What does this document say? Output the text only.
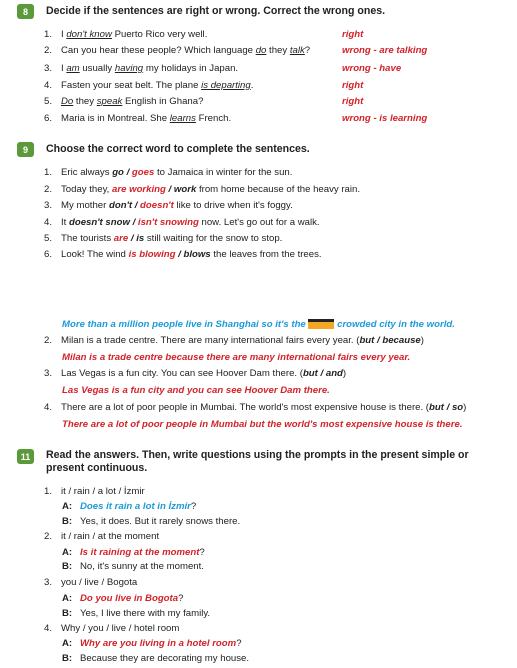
8	Decide if the sentences are right or wrong. Correct the wrong ones.
1. I don't know Puerto Rico very well.	right
2. Can you hear these people? Which language do they talk?	wrong - are talking
3. I am usually having my holidays in Japan.	wrong - have
4. Fasten your seat belt. The plane is departing.	right
5. Do they speak English in Ghana?	right
6. Maria is in Montreal. She learns French.	wrong - is learning
9	Choose the correct word to complete the sentences.
1. Eric always go / goes to Jamaica in winter for the sun.
2. Today they, are working / work from home because of the heavy rain.
3. My mother don't / doesn't like to drive when it's foggy.
4. It doesn't snow / isn't snowing now. Let's go out for a walk.
5. The tourists are / is still waiting for the snow to stop.
6. Look! The wind is blowing / blows the leaves from the trees.
More than a million people live in Shanghai so it's the	crowded city in the world.
2. Milan is a trade centre. There are many international fairs every year. (but / because)
Milan is a trade centre because there are many international fairs every year.
3. Las Vegas is a fun city. You can see Hoover Dam there. (but / and)
Las Vegas is a fun city and you can see Hoover Dam there.
4. There are a lot of poor people in Mumbai. The world's most expensive house is there. (but / so)
There are a lot of poor people in Mumbai but the world's most expensive house is there.
11	Read the answers. Then, write questions using the prompts in the present simple or
present continuous.
1. it / rain / a lot / İzmir
A: Does it rain a lot in İzmir?
B: Yes, it does. But it rarely snows there.
2. it / rain / at the moment
A: Is it raining at the moment?
B: No, it's sunny at the moment.
3. you / live / Bogota
A: Do you live in Bogota?
B: Yes, I live there with my family.
4. Why / you / live / hotel room
A: Why are you living in a hotel room?
B: Because they are decorating my house.
